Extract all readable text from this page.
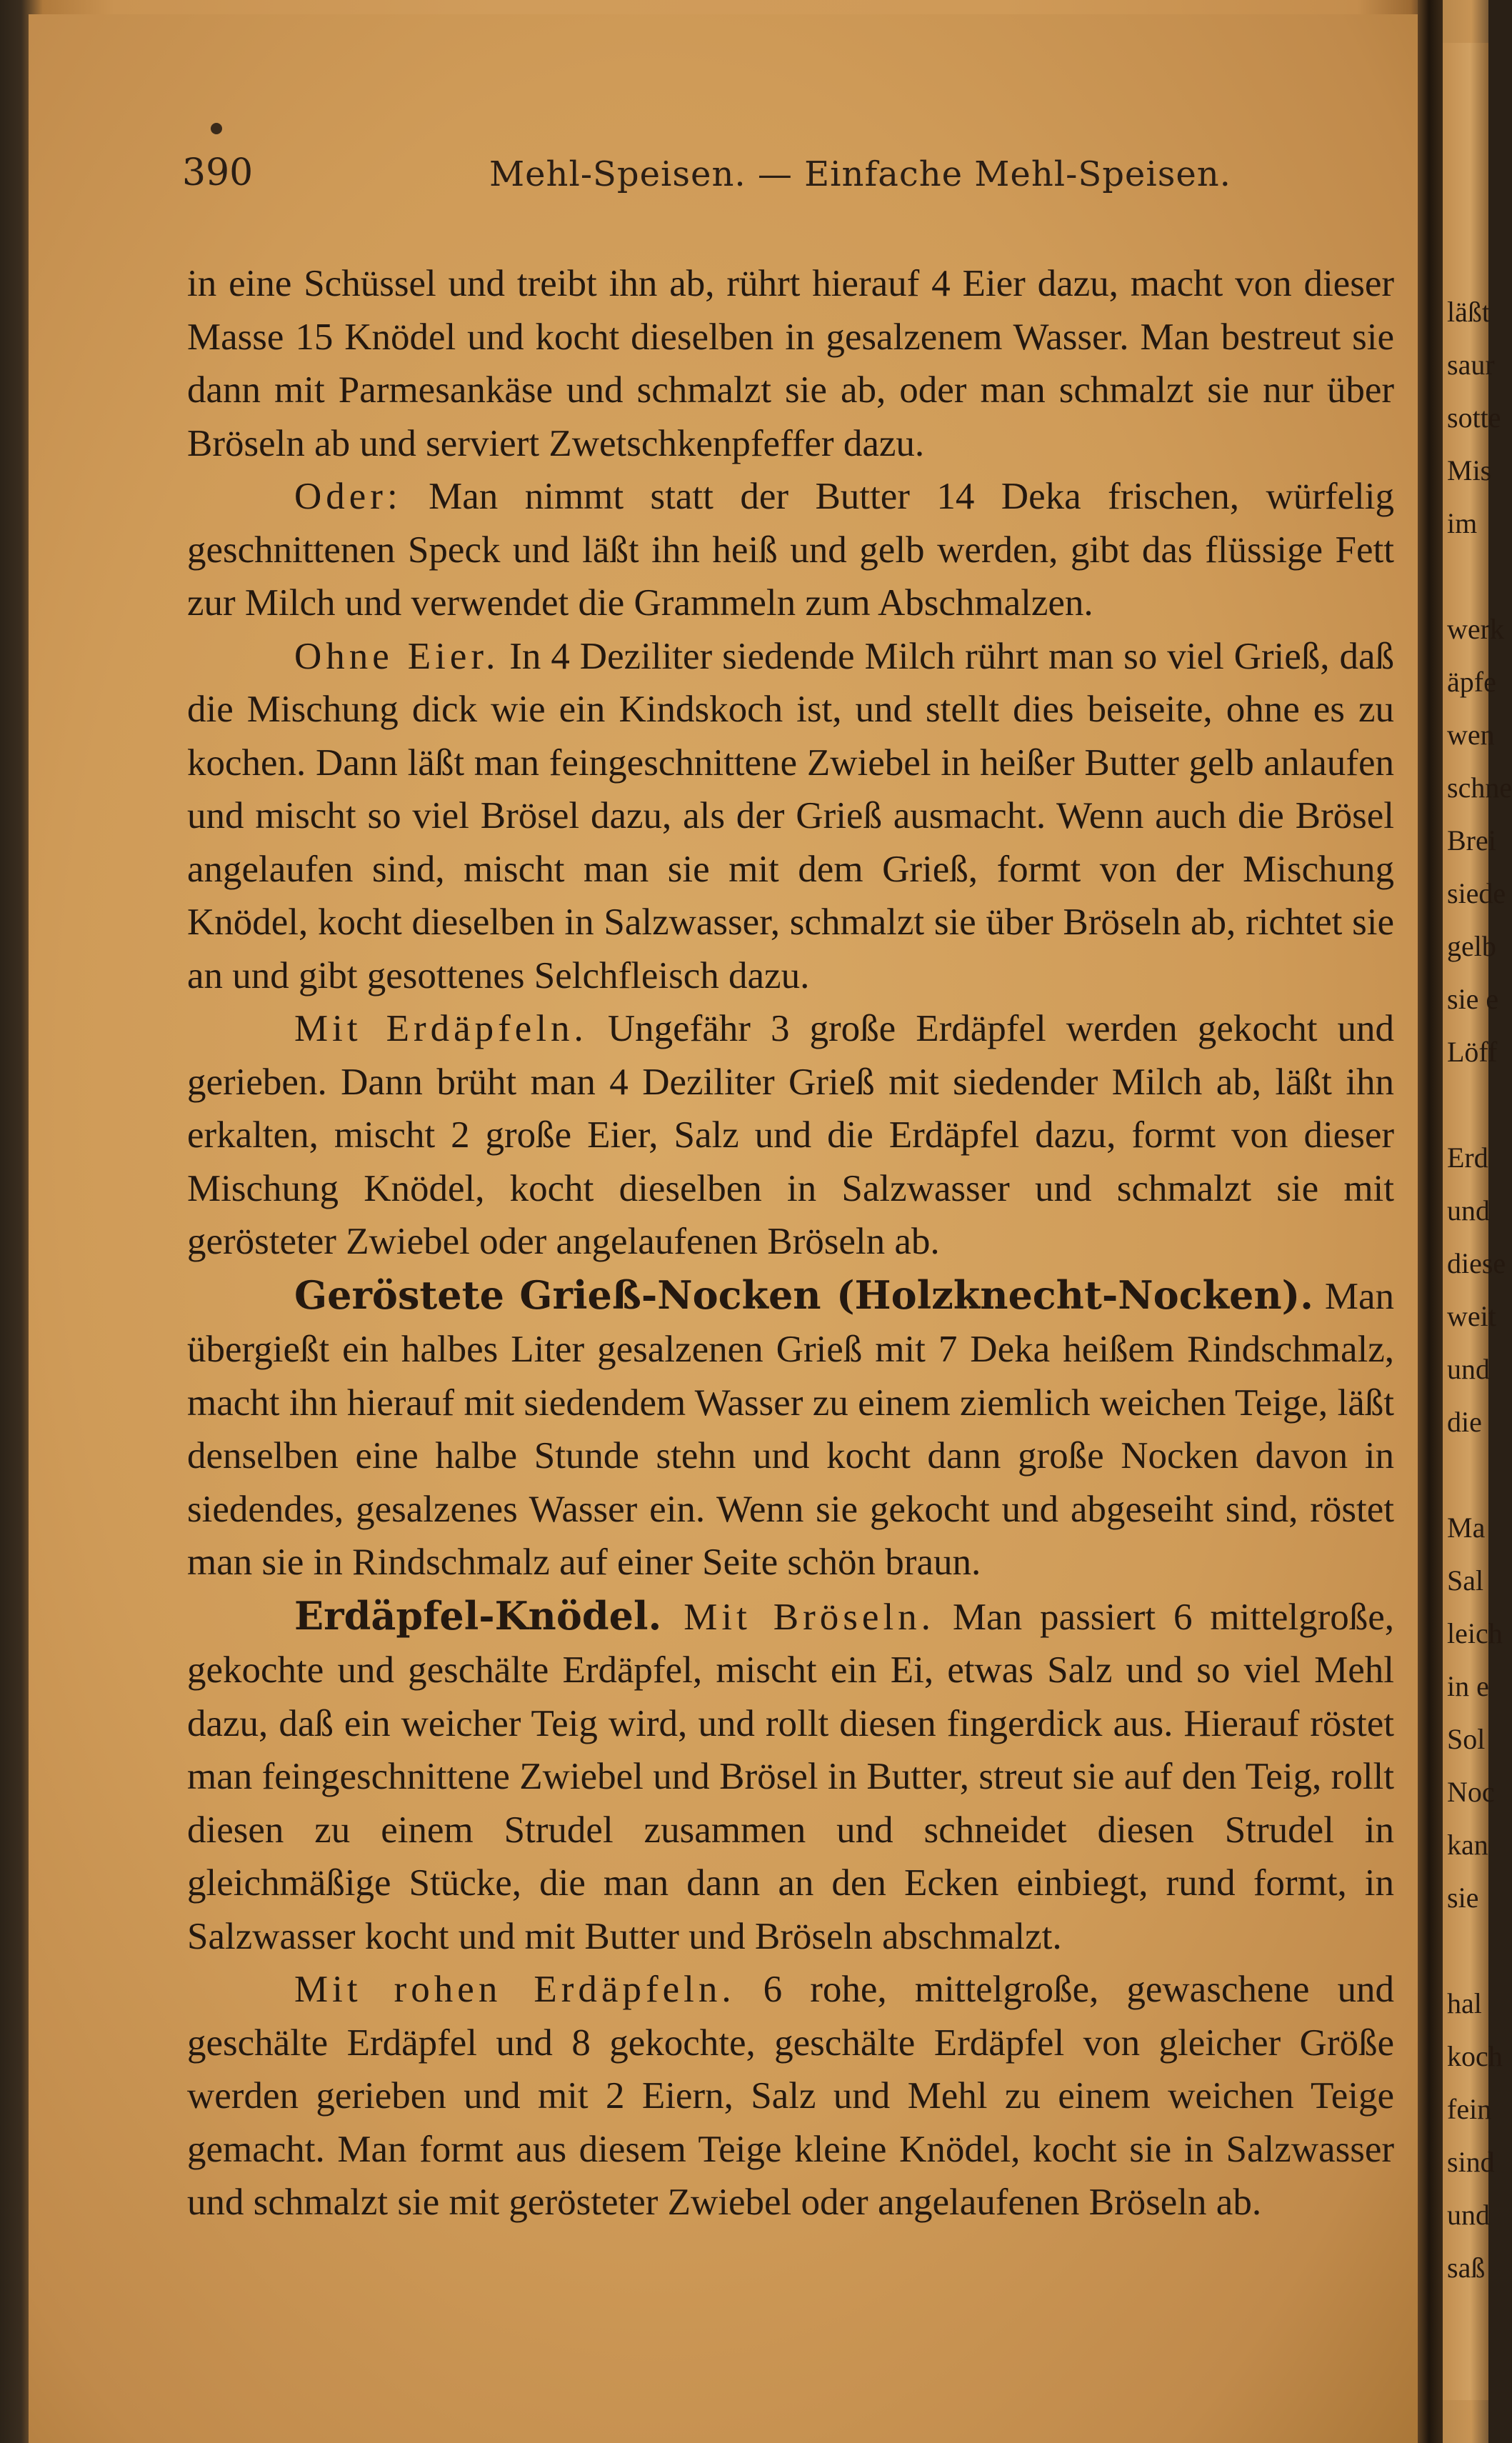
390	Mehl-Speisen. — Einfache Mehl-Speisen.

in eine Schüssel und treibt ihn ab, rührt hierauf 4 Eier dazu, macht von dieser Masse 15 Knödel und kocht dieselben in gesalzenem Wasser. Man bestreut sie dann mit Parmesankäse und schmalzt sie ab, oder man schmalzt sie nur über Bröseln ab und serviert Zwetschkenpfeffer dazu.

Oder: Man nimmt statt der Butter 14 Deka frischen, würfelig geschnittenen Speck und läßt ihn heiß und gelb werden, gibt das flüssige Fett zur Milch und verwendet die Grammeln zum Abschmalzen.

Ohne Eier. In 4 Deziliter siedende Milch rührt man so viel Grieß, daß die Mischung dick wie ein Kindskoch ist, und stellt dies beiseite, ohne es zu kochen. Dann läßt man feingeschnittene Zwiebel in heißer Butter gelb anlaufen und mischt so viel Brösel dazu, als der Grieß ausmacht. Wenn auch die Brösel angelaufen sind, mischt man sie mit dem Grieß, formt von der Mischung Knödel, kocht dieselben in Salzwasser, schmalzt sie über Bröseln ab, richtet sie an und gibt gesottenes Selchfleisch dazu.

Mit Erdäpfeln. Ungefähr 3 große Erdäpfel werden gekocht und gerieben. Dann brüht man 4 Deziliter Grieß mit siedender Milch ab, läßt ihn erkalten, mischt 2 große Eier, Salz und die Erdäpfel dazu, formt von dieser Mischung Knödel, kocht dieselben in Salzwasser und schmalzt sie mit gerösteter Zwiebel oder angelaufenen Bröseln ab.

Geröstete Grieß-Nocken (Holzknecht-Nocken). Man übergießt ein halbes Liter gesalzenen Grieß mit 7 Deka heißem Rindschmalz, macht ihn hierauf mit siedendem Wasser zu einem ziemlich weichen Teige, läßt denselben eine halbe Stunde stehn und kocht dann große Nocken davon in siedendes, gesalzenes Wasser ein. Wenn sie gekocht und abgeseiht sind, röstet man sie in Rindschmalz auf einer Seite schön braun.

Erdäpfel-Knödel. Mit Bröseln. Man passiert 6 mittelgroße, gekochte und geschälte Erdäpfel, mischt ein Ei, etwas Salz und so viel Mehl dazu, daß ein weicher Teig wird, und rollt diesen fingerdick aus. Hierauf röstet man feingeschnittene Zwiebel und Brösel in Butter, streut sie auf den Teig, rollt diesen zu einem Strudel zusammen und schneidet diesen Strudel in gleichmäßige Stücke, die man dann an den Ecken einbiegt, rund formt, in Salzwasser kocht und mit Butter und Bröseln abschmalzt.

Mit rohen Erdäpfeln. 6 rohe, mittelgroße, gewaschene und geschälte Erdäpfel und 8 gekochte, geschälte Erdäpfel von gleicher Größe werden gerieben und mit 2 Eiern, Salz und Mehl zu einem weichen Teige gemacht. Man formt aus diesem Teige kleine Knödel, kocht sie in Salzwasser und schmalzt sie mit gerösteter Zwiebel oder angelaufenen Bröseln ab.

läßt
saur
sotte
Mis
im
werk
äpfe
wen
schne
Brei
siede
gelb
sie e
Löff
Erd
und
diese
weit
und
die
Ma
Sal
leich
in e
Sol
Noc
kan
sie
hal
koch
fein
sind
und
saß
